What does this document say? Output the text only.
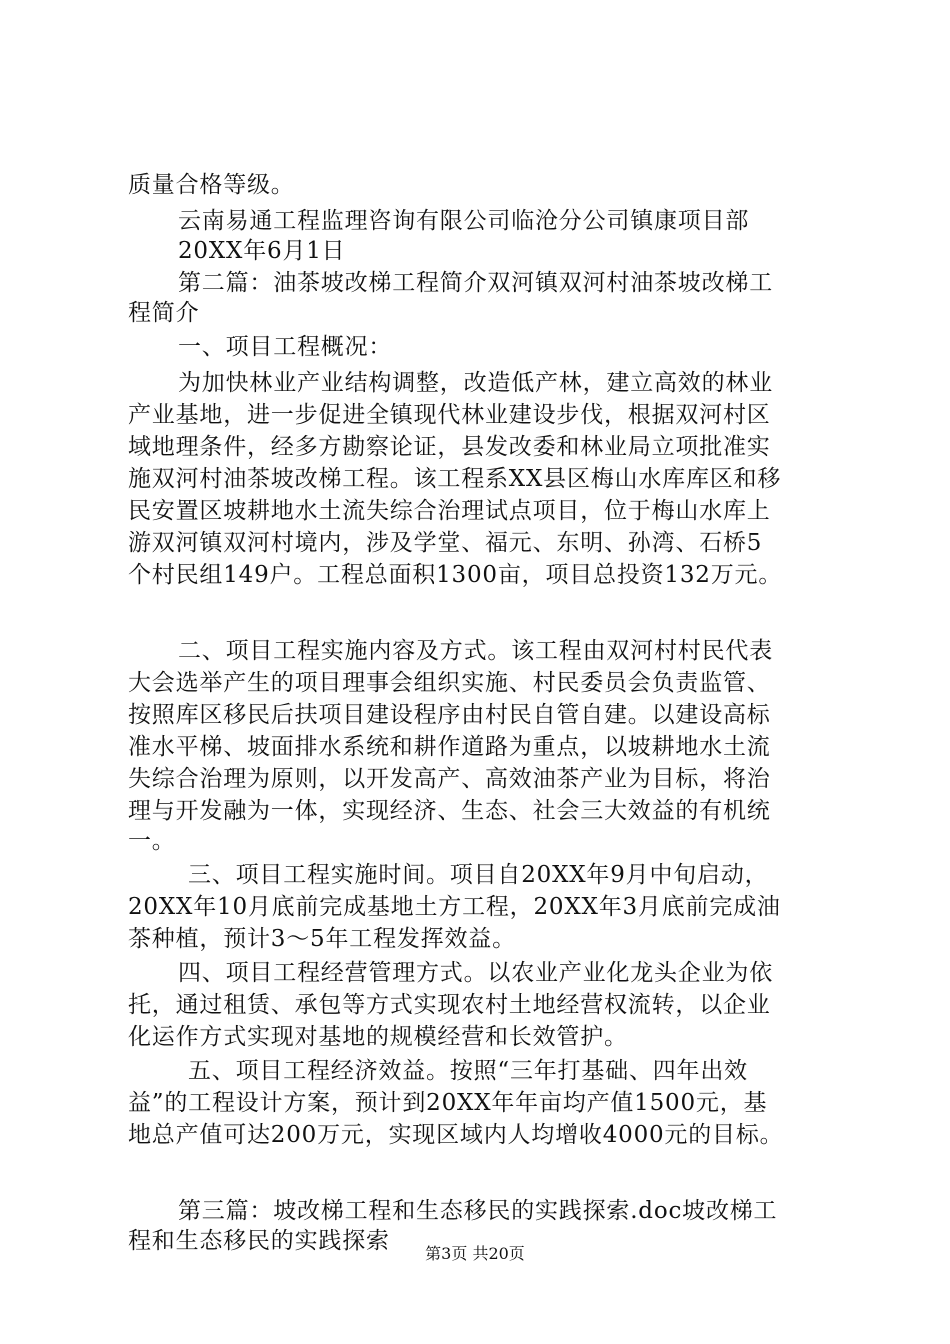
质量合格等级。
云南易通工程监理咨询有限公司临沧分公司镇康项目部
20XX年6月1日
第二篇：油茶坡改梯工程简介双河镇双河村油茶坡改梯工
程简介
一、项目工程概况：
为加快林业产业结构调整，改造低产林，建立高效的林业
产业基地，进一步促进全镇现代林业建设步伐，根据双河村区
域地理条件，经多方勘察论证，县发改委和林业局立项批准实
施双河村油茶坡改梯工程。该工程系XX县区梅山水库库区和移
民安置区坡耕地水土流失综合治理试点项目，位于梅山水库上
游双河镇双河村境内，涉及学堂、福元、东明、孙湾、石桥5
个村民组149户。工程总面积1300亩，项目总投资132万元。
二、项目工程实施内容及方式。该工程由双河村村民代表
大会选举产生的项目理事会组织实施、村民委员会负责监管、
按照库区移民后扶项目建设程序由村民自管自建。以建设高标
准水平梯、坡面排水系统和耕作道路为重点，以坡耕地水土流
失综合治理为原则，以开发高产、高效油茶产业为目标，将治
理与开发融为一体，实现经济、生态、社会三大效益的有机统
一。
三、项目工程实施时间。项目自20XX年9月中旬启动，
20XX年10月底前完成基地土方工程，20XX年3月底前完成油
茶种植，预计3～5年工程发挥效益。
四、项目工程经营管理方式。以农业产业化龙头企业为依
托，通过租赁、承包等方式实现农村土地经营权流转，以企业
化运作方式实现对基地的规模经营和长效管护。
五、项目工程经济效益。按照“三年打基础、四年出效
益”的工程设计方案，预计到20XX年年亩均产值1500元，基
地总产值可达200万元，实现区域内人均增收4000元的目标。
第三篇：坡改梯工程和生态移民的实践探索.doc坡改梯工
程和生态移民的实践探索	第3页 共20页
